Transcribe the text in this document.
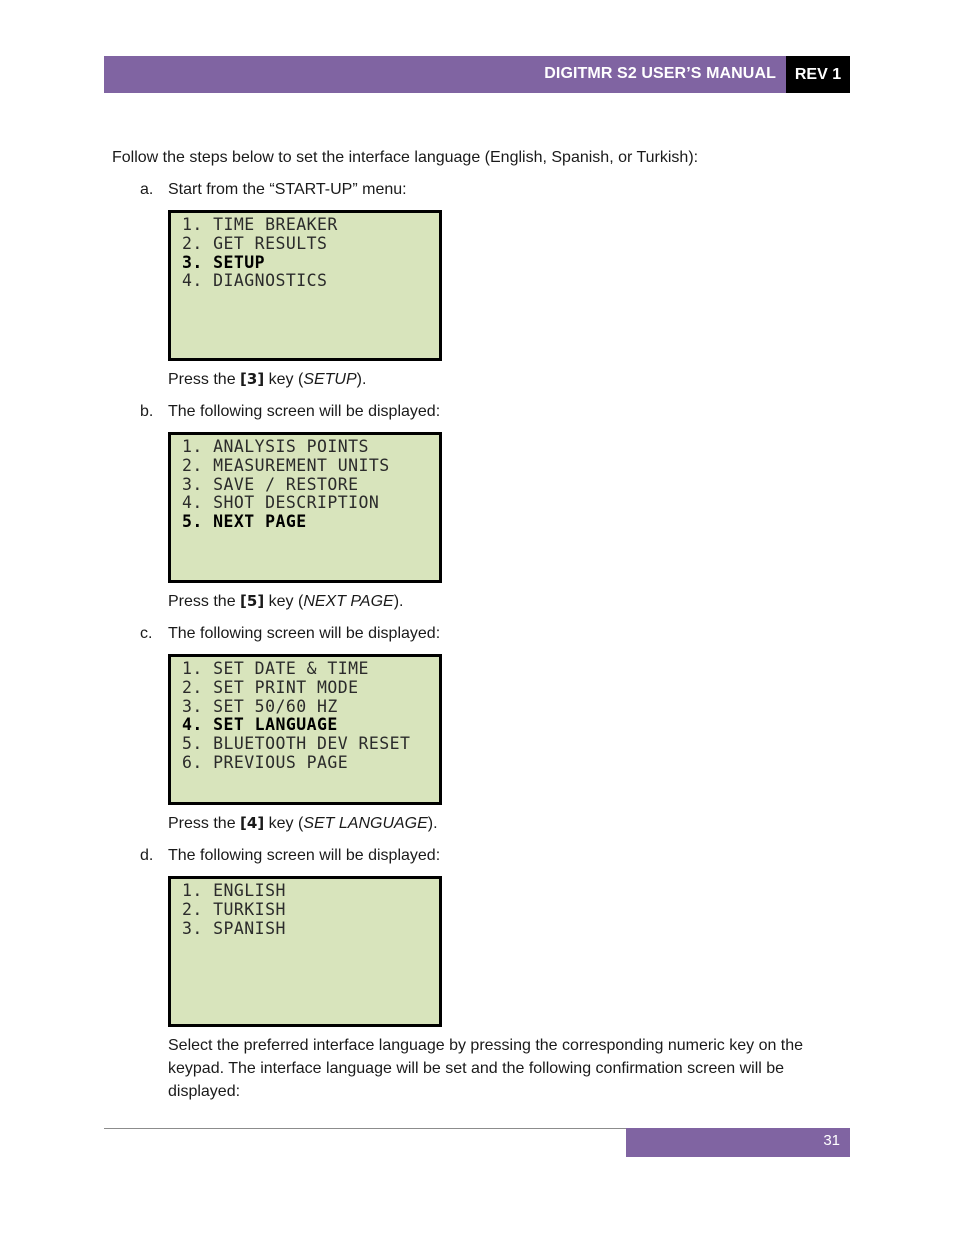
DIGITMR S2 USER’S MANUAL	REV 1
Follow the steps below to set the interface language (English, Spanish, or Turkish):
a. Start from the “START-UP” menu:
1. TIME BREAKER
2. GET RESULTS
3. SETUP
4. DIAGNOSTICS
Press the [3] key (SETUP).
b. The following screen will be displayed:
1. ANALYSIS POINTS
2. MEASUREMENT UNITS
3. SAVE / RESTORE
4. SHOT DESCRIPTION
5. NEXT PAGE
Press the [5] key (NEXT PAGE).
c. The following screen will be displayed:
1. SET DATE & TIME
2. SET PRINT MODE
3. SET 50/60 HZ
4. SET LANGUAGE
5. BLUETOOTH DEV RESET
6. PREVIOUS PAGE
Press the [4] key (SET LANGUAGE).
d. The following screen will be displayed:
1. ENGLISH
2. TURKISH
3. SPANISH
Select the preferred interface language by pressing the corresponding numeric key on the keypad. The interface language will be set and the following confirmation screen will be displayed:
31
